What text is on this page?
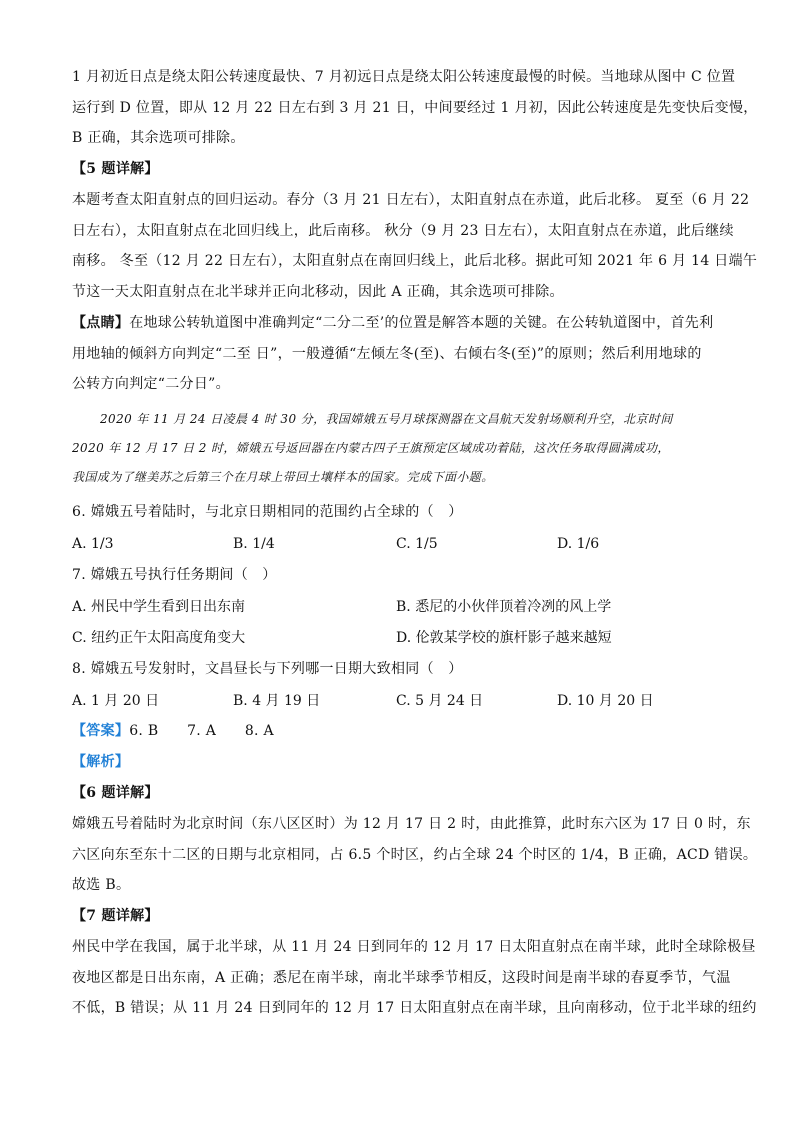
1 月初近日点是绕太阳公转速度最快、7 月初远日点是绕太阳公转速度最慢的时候。当地球从图中 C 位置
运行到 D 位置，即从 12 月 22 日左右到 3 月 21 日，中间要经过 1 月初，因此公转速度是先变快后变慢，
B 正确，其余选项可排除。
【5 题详解】
本题考查太阳直射点的回归运动。春分（3 月 21 日左右），太阳直射点在赤道，此后北移。 夏至（6 月 22
日左右），太阳直射点在北回归线上，此后南移。 秋分（9 月 23 日左右），太阳直射点在赤道，此后继续
南移。 冬至（12 月 22 日左右），太阳直射点在南回归线上，此后北移。据此可知 2021 年 6 月 14 日端午
节这一天太阳直射点在北半球并正向北移动，因此 A 正确，其余选项可排除。
【点睛】在地球公转轨道图中准确判定“二分二至’的位置是解答本题的关键。在公转轨道图中，首先利
用地轴的倾斜方向判定“二至 日”，一般遵循“左倾左冬(至)、右倾右冬(至)”的原则；然后利用地球的
公转方向判定“二分日”。
2020 年 11 月 24 日凌晨 4 时 30 分，我国嫦娥五号月球探测器在文昌航天发射场顺利升空，北京时间
2020 年 12 月 17 日 2 时，嫦娥五号返回器在内蒙古四子王旗预定区域成功着陆，这次任务取得圆满成功，
我国成为了继美苏之后第三个在月球上带回土壤样本的国家。完成下面小题。
6. 嫦娥五号着陆时，与北京日期相同的范围约占全球的（　）
A. 1/3	B. 1/4	C. 1/5	D. 1/6
7. 嫦娥五号执行任务期间（　）
A. 州民中学生看到日出东南	B. 悉尼的小伙伴顶着冷冽的风上学
C. 纽约正午太阳高度角变大	D. 伦敦某学校的旗杆影子越来越短
8. 嫦娥五号发射时，文昌昼长与下列哪一日期大致相同（　）
A. 1 月 20 日	B. 4 月 19 日	C. 5 月 24 日	D. 10 月 20 日
【答案】6. B　　7. A　　8. A
【解析】
【6 题详解】
嫦娥五号着陆时为北京时间（东八区区时）为 12 月 17 日 2 时，由此推算，此时东六区为 17 日 0 时，东
六区向东至东十二区的日期与北京相同，占 6.5 个时区，约占全球 24 个时区的 1/4，B 正确，ACD 错误。
故选 B。
【7 题详解】
州民中学在我国，属于北半球，从 11 月 24 日到同年的 12 月 17 日太阳直射点在南半球，此时全球除极昼
夜地区都是日出东南，A 正确；悉尼在南半球，南北半球季节相反，这段时间是南半球的春夏季节，气温
不低，B 错误；从 11 月 24 日到同年的 12 月 17 日太阳直射点在南半球，且向南移动，位于北半球的纽约
